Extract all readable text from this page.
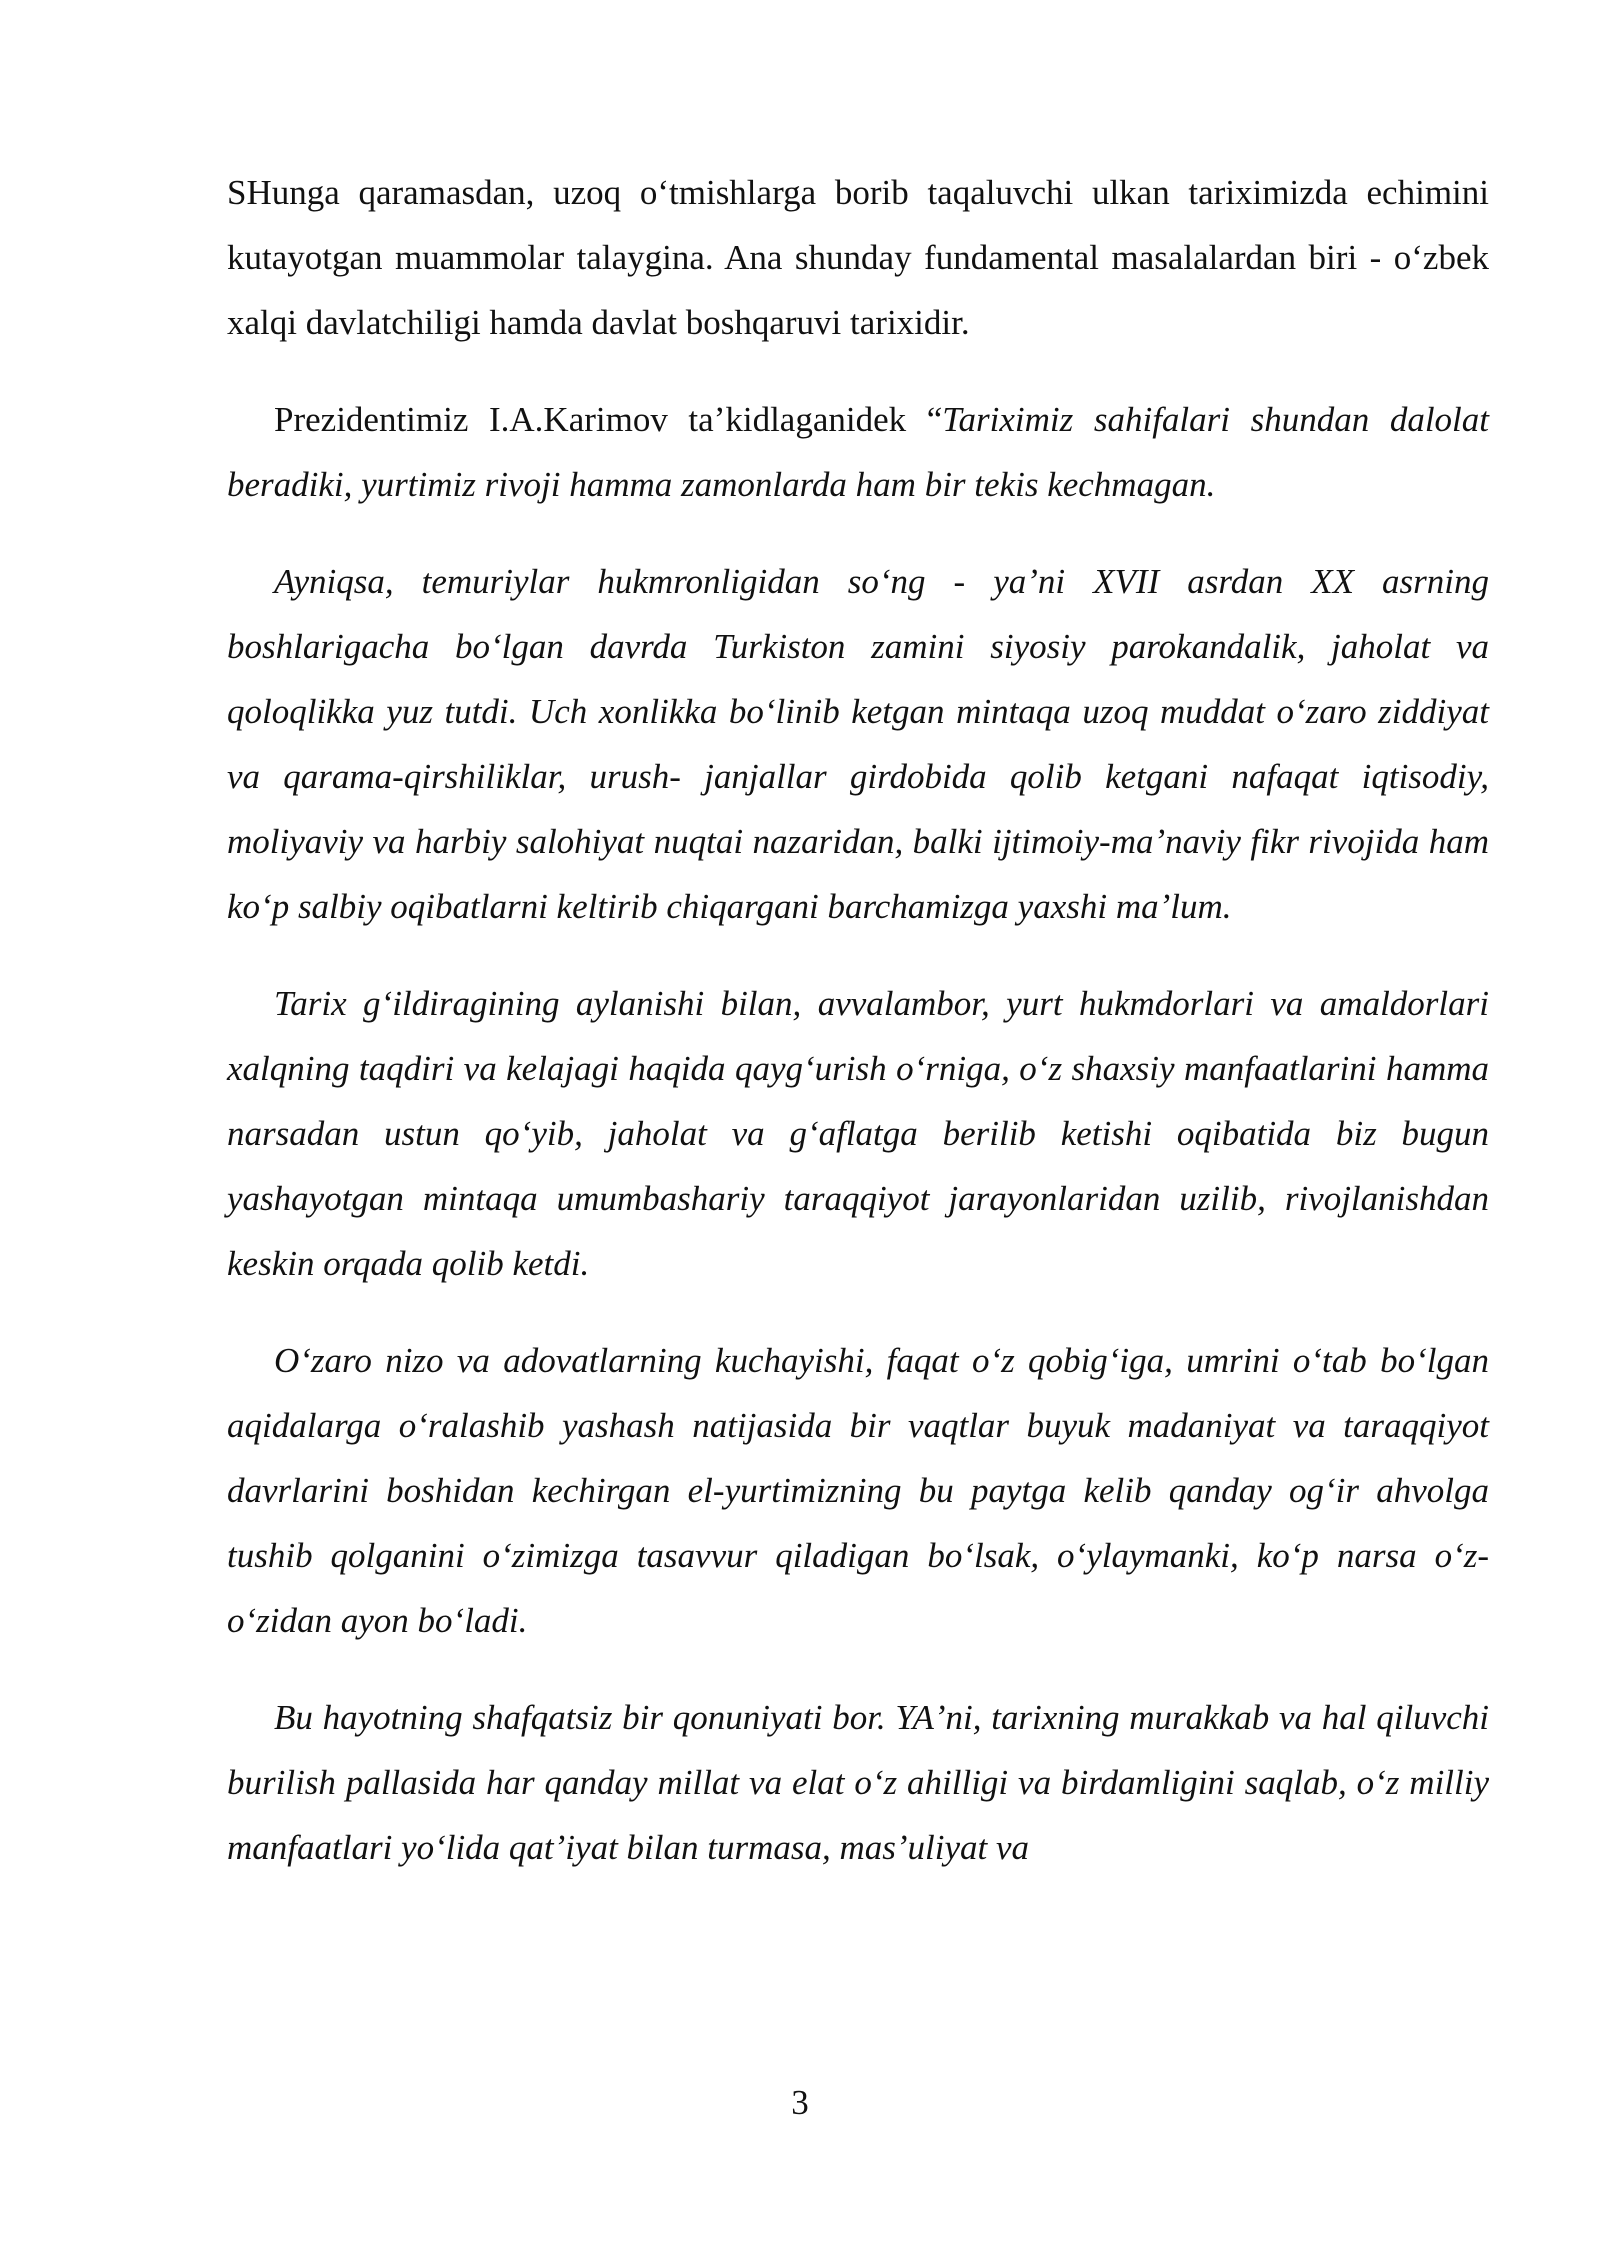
SHunga qaramasdan, uzoq oʻtmishlarga borib taqaluvchi ulkan tariximizda echimini kutayotgan muammolar talaygina. Ana shunday fundamental masalalardan biri - oʻzbek xalqi davlatchiligi hamda davlat boshqaruvi tarixidir.

Prezidentimiz I.A.Karimov taʼkidlaganidek “Tariximiz sahifalari shundan dalolat beradiki, yurtimiz rivoji hamma zamonlarda ham bir tekis kechmagan.

Ayniqsa, temuriylar hukmronligidan soʻng - yaʼni XVII asrdan XX asrning boshlarigacha boʻlgan davrda Turkiston zamini siyosiy parokandalik, jaholat va qoloqlikka yuz tutdi. Uch xonlikka boʻlinib ketgan mintaqa uzoq muddat oʻzaro ziddiyat va qarama-qirshiliklar, urush- janjallar girdobida qolib ketgani nafaqat iqtisodiy, moliyaviy va harbiy salohiyat nuqtai nazaridan, balki ijtimoiy-maʼnaviy fikr rivojida ham koʻp salbiy oqibatlarni keltirib chiqargani barchamizga yaxshi maʼlum.

Tarix gʻildiragining aylanishi bilan, avvalambor, yurt hukmdorlari va amaldorlari xalqning taqdiri va kelajagi haqida qaygʻurish oʻrniga, oʻz shaxsiy manfaatlarini hamma narsadan ustun qoʻyib, jaholat va gʻaflatga berilib ketishi oqibatida biz bugun yashayotgan mintaqa umumbashariy taraqqiyot jarayonlaridan uzilib, rivojlanishdan keskin orqada qolib ketdi.

Oʻzaro nizo va adovatlarning kuchayishi, faqat oʻz qobigʻiga, umrini oʻtab boʻlgan aqidalarga oʻralashib yashash natijasida bir vaqtlar buyuk madaniyat va taraqqiyot davrlarini boshidan kechirgan el-yurtimizning bu paytga kelib qanday ogʻir ahvolga tushib qolganini oʻzimizga tasavvur qiladigan boʻlsak, oʻylaymanki, koʻp narsa oʻz-oʻzidan ayon boʻladi.

Bu hayotning shafqatsiz bir qonuniyati bor. YAʼni, tarixning murakkab va hal qiluvchi burilish pallasida har qanday millat va elat oʻz ahilligi va birdamligini saqlab, oʻz milliy manfaatlari yoʻlida qatʼiyat bilan turmasa, masʼuliyat va

3
